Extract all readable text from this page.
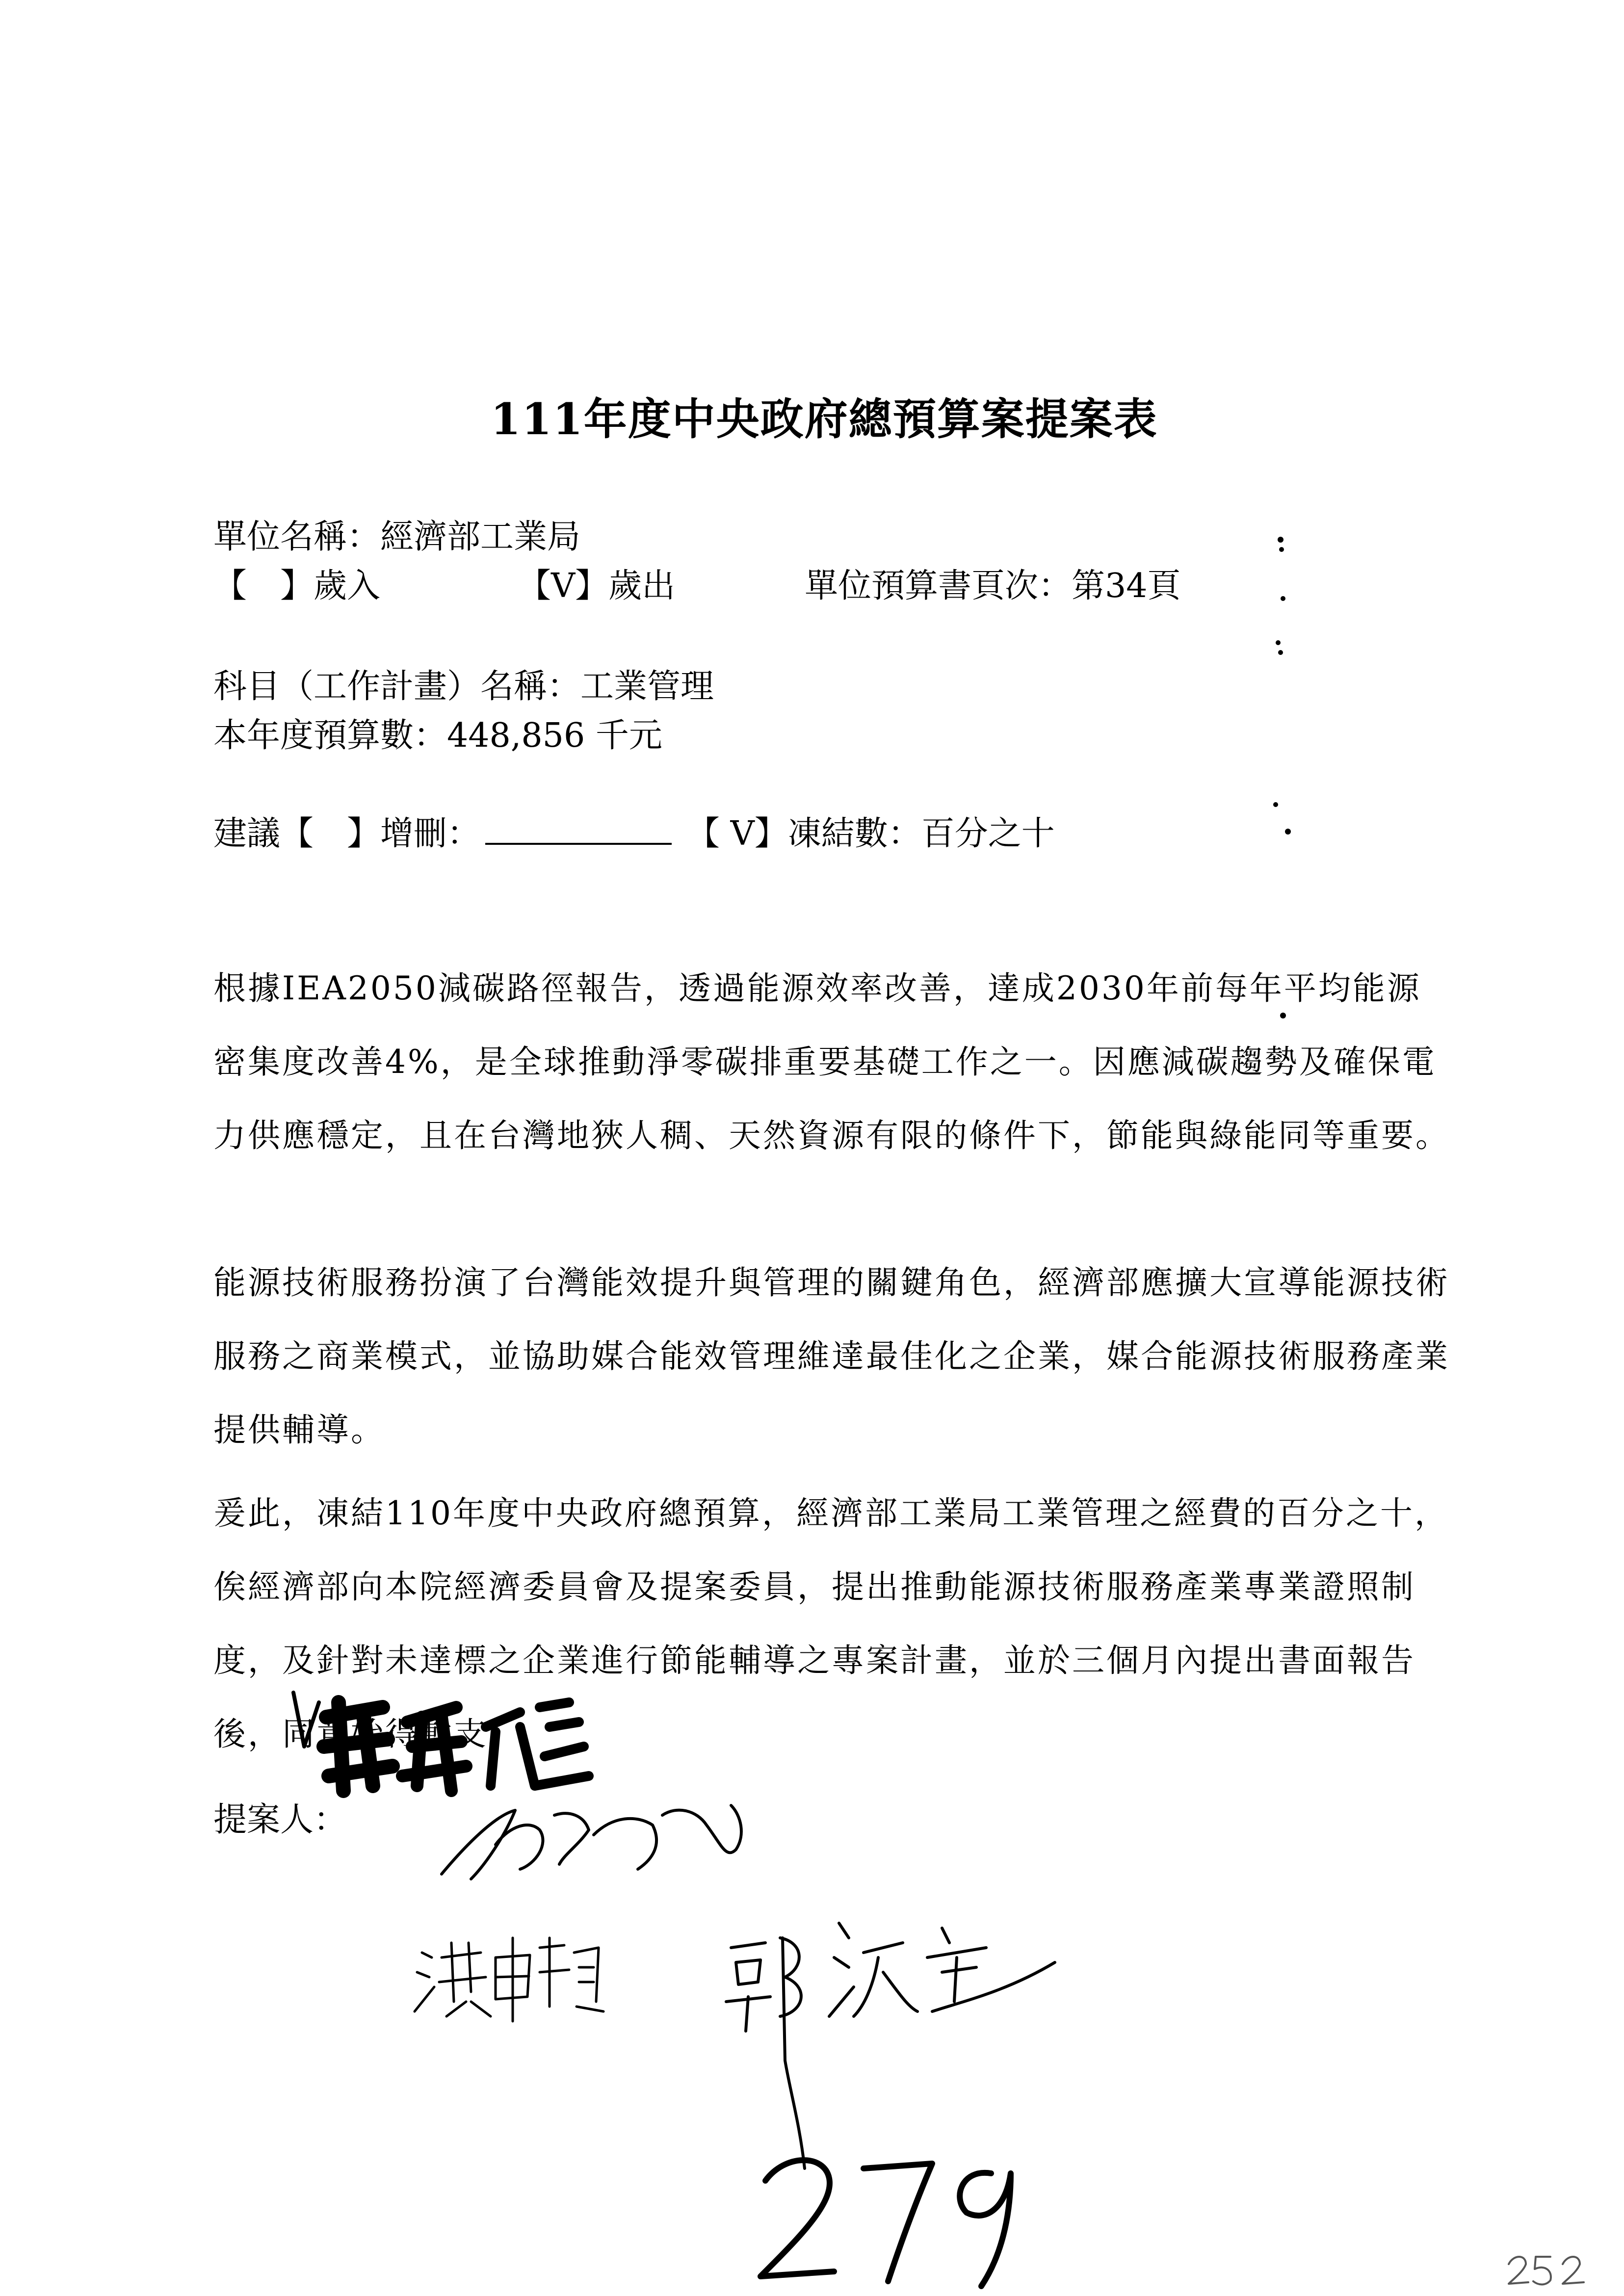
111年度中央政府總預算案提案表
單位名稱：經濟部工業局
【　】歲入	【V】歲出	單位預算書頁次：第34頁
科目（工作計畫）名稱：工業管理
本年度預算數：448,856 千元
建議【　】增刪：	【 V】凍結數：百分之十
根據IEA2050減碳路徑報告，透過能源效率改善，達成2030年前每年平均能源密集度改善4%，是全球推動淨零碳排重要基礎工作之一。因應減碳趨勢及確保電力供應穩定，且在台灣地狹人稠、天然資源有限的條件下，節能與綠能同等重要。
能源技術服務扮演了台灣能效提升與管理的關鍵角色，經濟部應擴大宣導能源技術服務之商業模式，並協助媒合能效管理維達最佳化之企業，媒合能源技術服務產業提供輔導。
爰此，凍結110年度中央政府總預算，經濟部工業局工業管理之經費的百分之十，俟經濟部向本院經濟委員會及提案委員，提出推動能源技術服務產業專業證照制度，及針對未達標之企業進行節能輔導之專案計畫，並於三個月內提出書面報告後，同意始得動支。
提案人：
